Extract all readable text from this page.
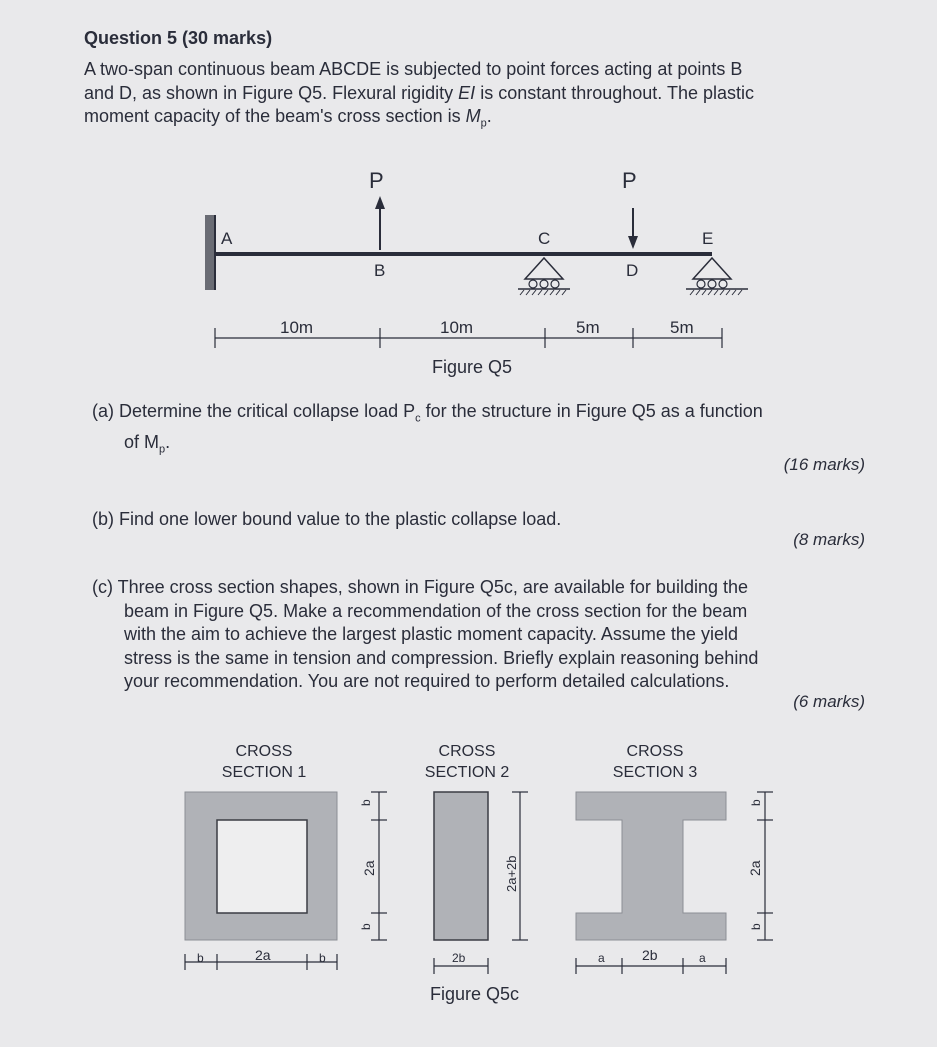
Question 5 (30 marks)

A two-span continuous beam ABCDE is subjected to point forces acting at points B
and D, as shown in Figure Q5. Flexural rigidity EI is constant throughout. The plastic
moment capacity of the beam's cross section is $M_p$.
P	P
A
B
C
D
E
10m	10m	5m	5m
CROSS
SECTION 1
CROSS
SECTION 2
CROSS
SECTION 3
b	2a	b
b
2a
b
2b
2a+2b
a	2b	a
b
2a
b

Figure Q5

(a) Determine the critical collapse load $P_c$ for the structure in Figure Q5 as a function
of $M_p$.

(16 marks)

(b) Find one lower bound value to the plastic collapse load.

(8 marks)

(c) Three cross section shapes, shown in Figure Q5c, are available for building the
beam in Figure Q5. Make a recommendation of the cross section for the beam
with the aim to achieve the largest plastic moment capacity. Assume the yield
stress is the same in tension and compression. Briefly explain reasoning behind
your recommendation. You are not required to perform detailed calculations.

(6 marks)

Figure Q5c
